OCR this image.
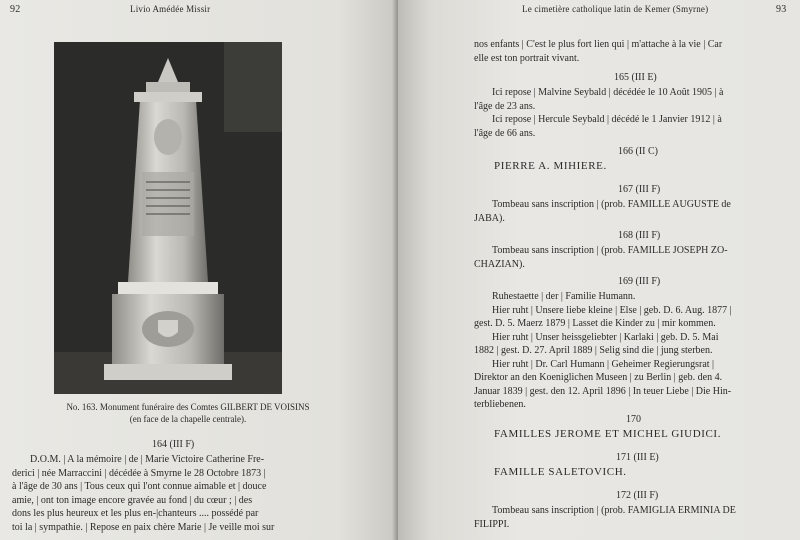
92	Livio Amédée Missir
No. 163. Monument funéraire des Comtes GILBERT DE VOISINS
(en face de la chapelle centrale).
164 (III F)
D.O.M. | A la mémoire | de | Marie Victoire Catherine Fre-
derici | née Marraccini | décédée à Smyrne le 28 Octobre 1873 |
à l'âge de 30 ans | Tous ceux qui l'ont connue aimable et | douce
amie, | ont ton image encore gravée au fond | du cœur ; | des
dons les plus heureux et les plus en-|chanteurs .... possédé par
toi la | sympathie. | Repose en paix chère Marie | Je veille moi sur
Le cimetière catholique latin de Kemer (Smyrne)	93
nos enfants | C'est le plus fort lien qui | m'attache à la vie | Car
elle est ton portrait vivant.
165 (III E)
Ici repose | Malvine Seybald | décédée le 10 Août 1905 | à
l'âge de 23 ans.
Ici repose | Hercule Seybald | décédé le 1 Janvier 1912 | à
l'âge de 66 ans.
166 (II C)
PIERRE A. MIHIERE.
167 (III F)
Tombeau sans inscription | (prob. FAMILLE AUGUSTE de
JABA).
168 (III F)
Tombeau sans inscription | (prob. FAMILLE JOSEPH ZO-
CHAZIAN).
169 (III F)
Ruhestaette | der | Familie Humann.
Hier ruht | Unsere liebe kleine | Else | geb. D. 6. Aug. 1877 |
gest. D. 5. Maerz 1879 | Lasset die Kinder zu | mir kommen.
Hier ruht | Unser heissgeliebter | Karlaki | geb. D. 5. Mai
1882 | gest. D. 27. April 1889 | Selig sind die | jung sterben.
Hier ruht | Dr. Carl Humann | Geheimer Regierungsrat |
Direktor an den Koeniglichen Museen | zu Berlin | geb. den 4.
Januar 1839 | gest. den 12. April 1896 | In teuer Liebe | Die Hin-
terbliebenen.
170
FAMILLES JEROME ET MICHEL GIUDICI.
171 (III E)
FAMILLE SALETOVICH.
172 (III F)
Tombeau sans inscription | (prob. FAMIGLIA ERMINIA DE
FILIPPI.
